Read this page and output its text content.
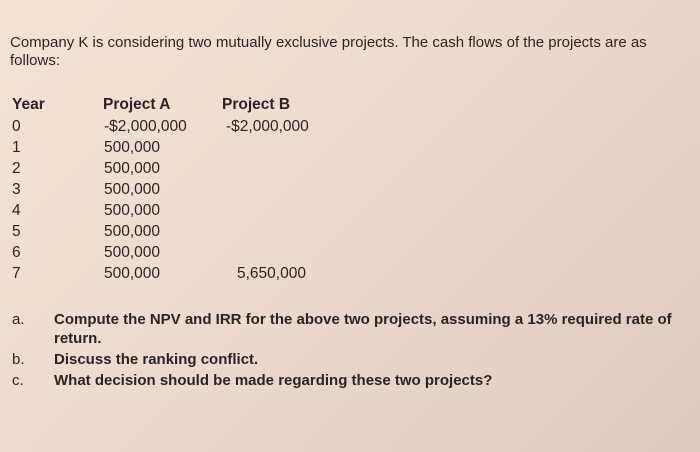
Company K is considering two mutually exclusive projects. The cash flows of the projects are as follows:
Year	Project A	Project B
0	-$2,000,000	-$2,000,000
1	500,000
2	500,000
3	500,000
4	500,000
5	500,000
6	500,000
7	500,000	5,650,000
a.	Compute the NPV and IRR for the above two projects, assuming a 13% required rate of return.
b.	Discuss the ranking conflict.
c.	What decision should be made regarding these two projects?
